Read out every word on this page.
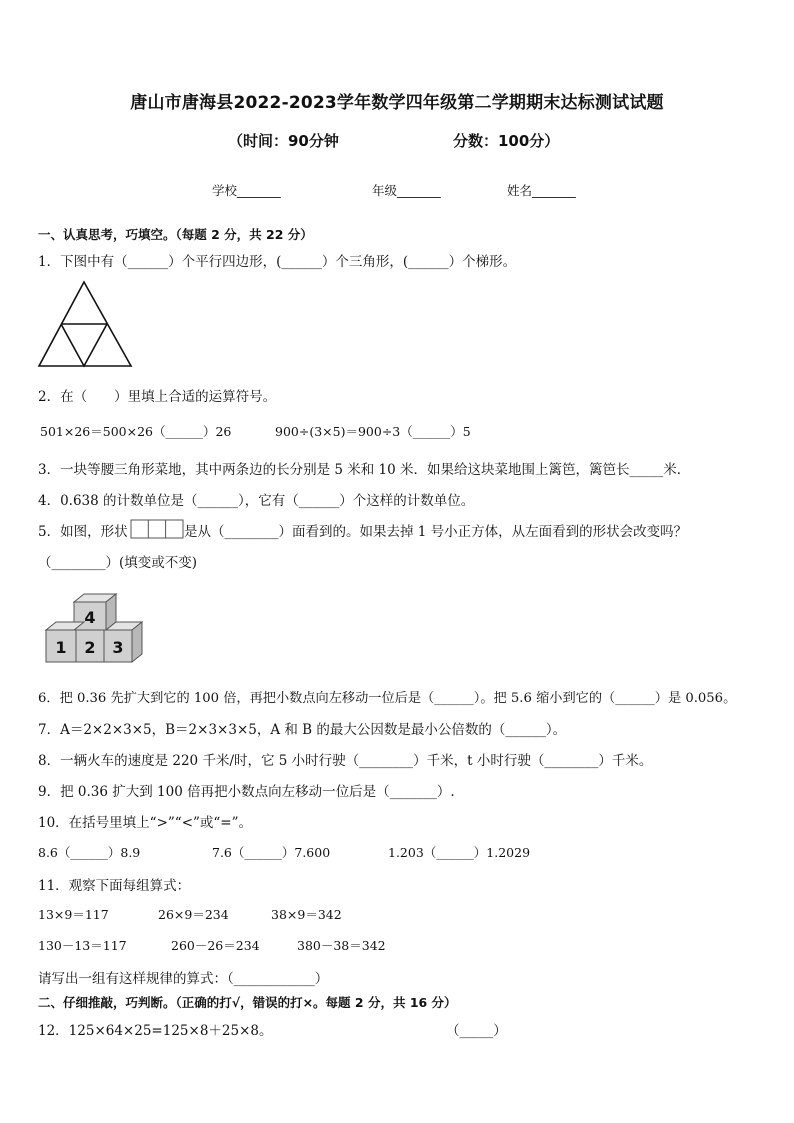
唐山市唐海县2022-2023学年数学四年级第二学期期末达标测试试题
（时间：90分钟	分数：100分）
学校_______	年级_______	姓名_______
一、认真思考，巧填空。（每题 2 分，共 22 分）
1．下图中有（______）个平行四边形，(______）个三角形，(______）个梯形。
2．在（　　）里填上合适的运算符号。
501×26＝500×26（______）26	900÷(3×5)＝900÷3（______）5
3．一块等腰三角形菜地，其中两条边的长分别是 5 米和 10 米．如果给这块菜地围上篱笆，篱笆长_____米．
4．0.638 的计数单位是（______），它有（______）个这样的计数单位。
5．如图，形状	是从（________）面看到的。如果去掉 1 号小正方体，从左面看到的形状会改变吗？
（________）(填变或不变)
1 2 3
4
6．把 0.36 先扩大到它的 100 倍，再把小数点向左移动一位后是（______）。把 5.6 缩小到它的（______）是 0.056。
7．A＝2×2×3×5，B＝2×3×3×5，A 和 B 的最大公因数是最小公倍数的（______）。
8．一辆火车的速度是 220 千米/时，它 5 小时行驶（________）千米，t 小时行驶（________）千米。
9．把 0.36 扩大到 100 倍再把小数点向左移动一位后是（_______）.
10．在括号里填上“>”“<”或“=”。
8.6（______）8.9	7.6（______）7.600	1.203（______）1.2029
11．观察下面每组算式：
13×9＝117	26×9＝234	38×9＝342
130－13＝117	260－26＝234	380－38＝342
请写出一组有这样规律的算式：（____________）
二、仔细推敲，巧判断。（正确的打√，错误的打×。每题 2 分，共 16 分）
12．125×64×25=125×8＋25×8。	（_____）
